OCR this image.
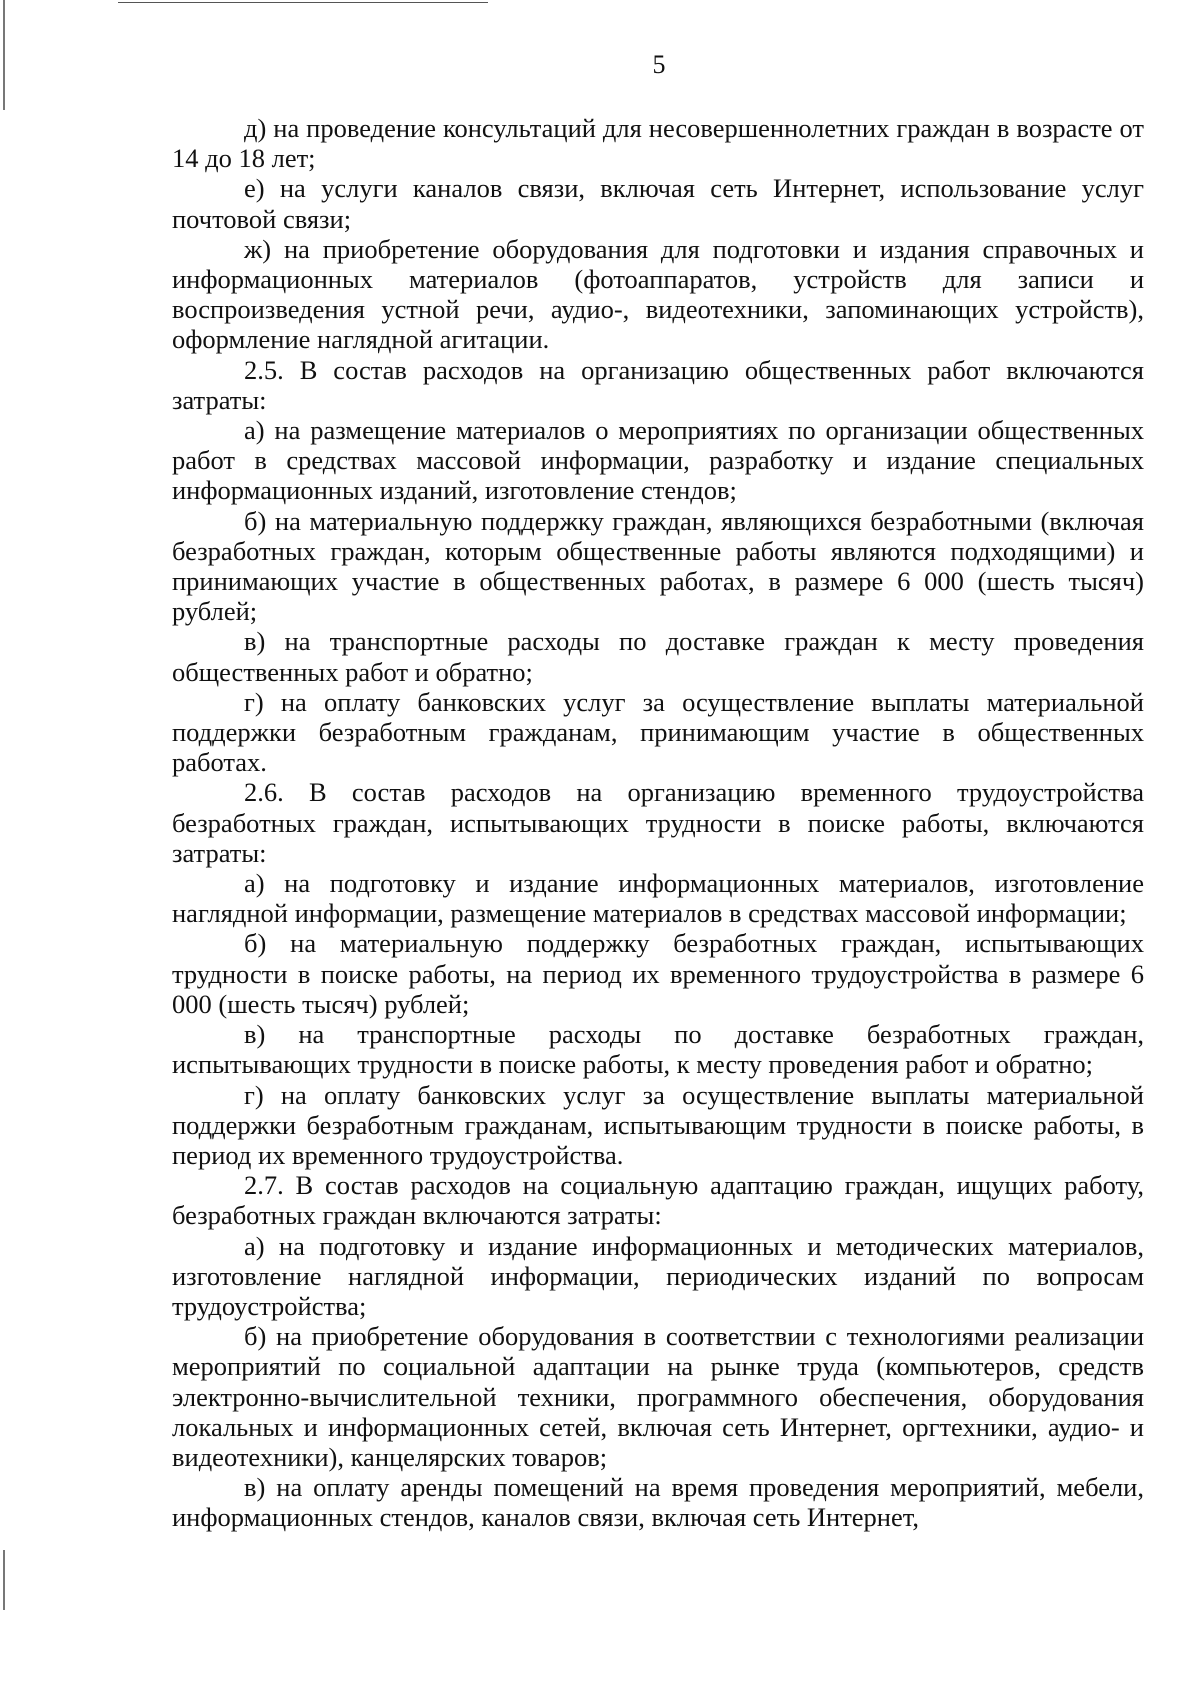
5

д) на проведение консультаций для несовершеннолетних граждан в возрасте от 14 до 18 лет;

е) на услуги каналов связи, включая сеть Интернет, использование услуг почтовой связи;

ж) на приобретение оборудования для подготовки и издания справочных и информационных материалов (фотоаппаратов, устройств для записи и воспроизведения устной речи, аудио-, видеотехники, запоминающих устройств), оформление наглядной агитации.

2.5. В состав расходов на организацию общественных работ включаются затраты:

а) на размещение материалов о мероприятиях по организации общественных работ в средствах массовой информации, разработку и издание специальных информационных изданий, изготовление стендов;

б) на материальную поддержку граждан, являющихся безработными (включая безработных граждан, которым общественные работы являются подходящими) и принимающих участие в общественных работах, в размере 6 000 (шесть тысяч) рублей;

в) на транспортные расходы по доставке граждан к месту проведения общественных работ и обратно;

г) на оплату банковских услуг за осуществление выплаты материальной поддержки безработным гражданам, принимающим участие в общественных работах.

2.6. В состав расходов на организацию временного трудоустройства безработных граждан, испытывающих трудности в поиске работы, включаются затраты:

а) на подготовку и издание информационных материалов, изготовление наглядной информации, размещение материалов в средствах массовой информации;

б) на материальную поддержку безработных граждан, испытывающих трудности в поиске работы, на период их временного трудоустройства в размере 6 000 (шесть тысяч) рублей;

в) на транспортные расходы по доставке безработных граждан, испытывающих трудности в поиске работы, к месту проведения работ и обратно;

г) на оплату банковских услуг за осуществление выплаты материальной поддержки безработным гражданам, испытывающим трудности в поиске работы, в период их временного трудоустройства.

2.7. В состав расходов на социальную адаптацию граждан, ищущих работу, безработных граждан включаются затраты:

а) на подготовку и издание информационных и методических материалов, изготовление наглядной информации, периодических изданий по вопросам трудоустройства;

б) на приобретение оборудования в соответствии с технологиями реализации мероприятий по социальной адаптации на рынке труда (компьютеров, средств электронно-вычислительной техники, программного обеспечения, оборудования локальных и информационных сетей, включая сеть Интернет, оргтехники, аудио- и видеотехники), канцелярских товаров;

в) на оплату аренды помещений на время проведения мероприятий, мебели, информационных стендов, каналов связи, включая сеть Интернет,
